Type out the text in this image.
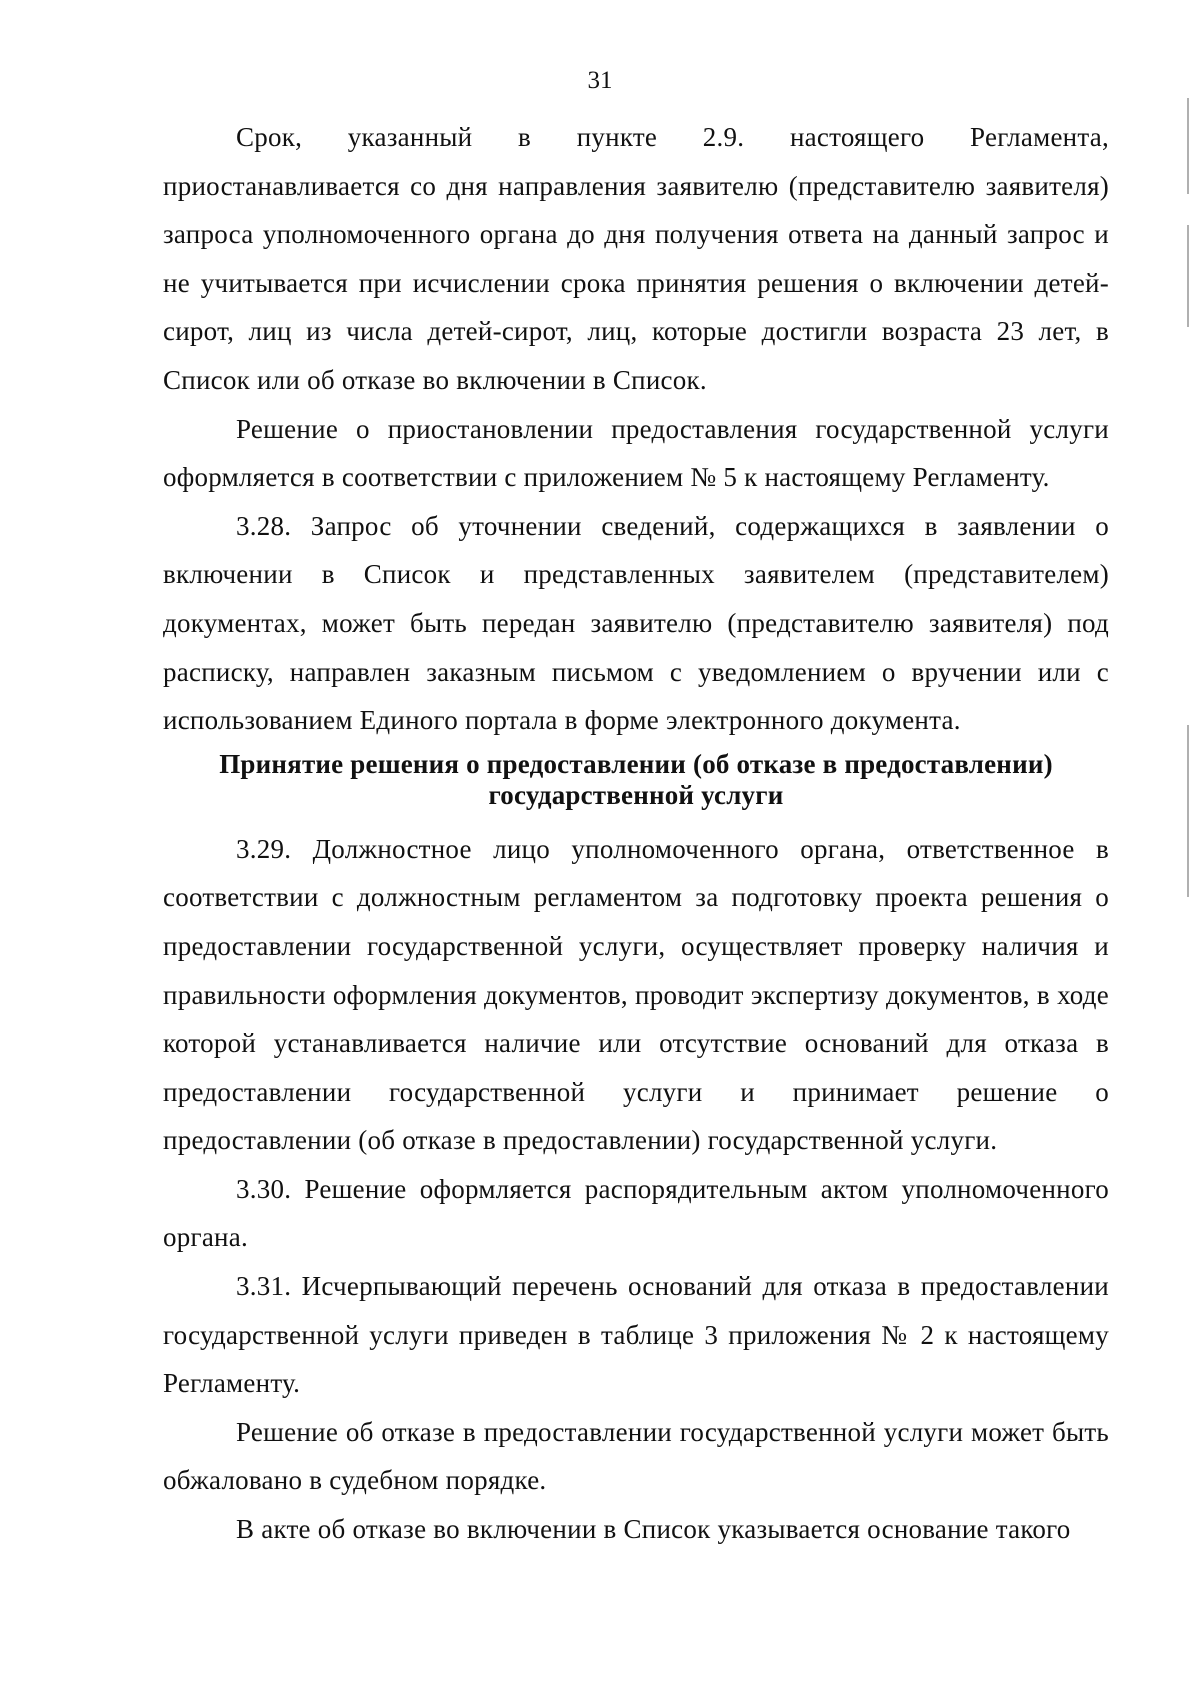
31

Срок, указанный в пункте 2.9. настоящего Регламента, приостанавливается со дня направления заявителю (представителю заявителя) запроса уполномоченного органа до дня получения ответа на данный запрос и не учитывается при исчислении срока принятия решения о включении детей-сирот, лиц из числа детей-сирот, лиц, которые достигли возраста 23 лет, в Список или об отказе во включении в Список.

Решение о приостановлении предоставления государственной услуги оформляется в соответствии с приложением № 5 к настоящему Регламенту.

3.28. Запрос об уточнении сведений, содержащихся в заявлении о включении в Список и представленных заявителем (представителем) документах, может быть передан заявителю (представителю заявителя) под расписку, направлен заказным письмом с уведомлением о вручении или с использованием Единого портала в форме электронного документа.

Принятие решения о предоставлении (об отказе в предоставлении)
государственной услуги

3.29. Должностное лицо уполномоченного органа, ответственное в соответствии с должностным регламентом за подготовку проекта решения о предоставлении государственной услуги, осуществляет проверку наличия и правильности оформления документов, проводит экспертизу документов, в ходе которой устанавливается наличие или отсутствие оснований для отказа в предоставлении государственной услуги и принимает решение о предоставлении (об отказе в предоставлении) государственной услуги.

3.30. Решение оформляется распорядительным актом уполномоченного органа.

3.31. Исчерпывающий перечень оснований для отказа в предоставлении государственной услуги приведен в таблице 3 приложения № 2 к настоящему Регламенту.

Решение об отказе в предоставлении государственной услуги может быть обжаловано в судебном порядке.

В акте об отказе во включении в Список указывается основание такого
